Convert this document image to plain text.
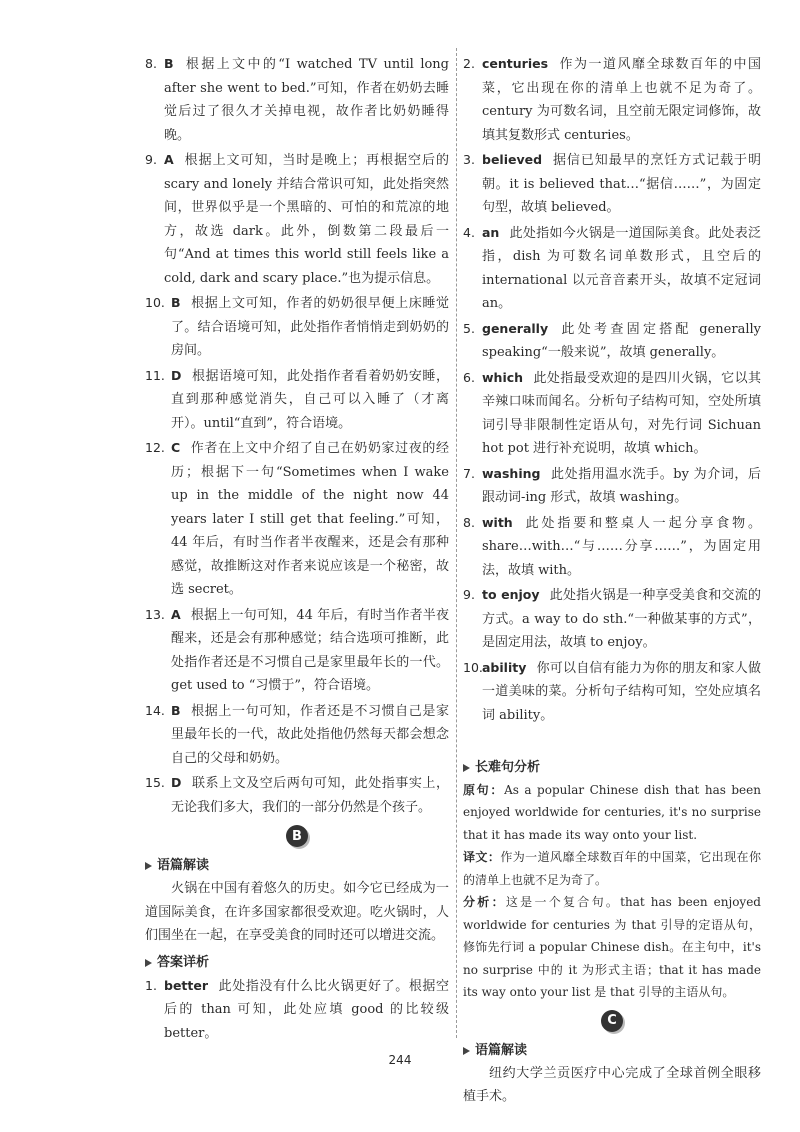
8. B 根据上文中的“I watched TV until long after she went to bed.”可知，作者在奶奶去睡觉后过了很久才关掉电视，故作者比奶奶睡得晚。
9. A 根据上文可知，当时是晚上；再根据空后的 scary and lonely 并结合常识可知，此处指突然间，世界似乎是一个黑暗的、可怕的和荒凉的地方，故选 dark。此外，倒数第二段最后一句“And at times this world still feels like a cold, dark and scary place.”也为提示信息。
10. B 根据上文可知，作者的奶奶很早便上床睡觉了。结合语境可知，此处指作者悄悄走到奶奶的房间。
11. D 根据语境可知，此处指作者看着奶奶安睡，直到那种感觉消失，自己可以入睡了（才离开）。until“直到”，符合语境。
12. C 作者在上文中介绍了自己在奶奶家过夜的经历；根据下一句“Sometimes when I wake up in the middle of the night now 44 years later I still get that feeling.”可知，44 年后，有时当作者半夜醒来，还是会有那种感觉，故推断这对作者来说应该是一个秘密，故选 secret。
13. A 根据上一句可知，44 年后，有时当作者半夜醒来，还是会有那种感觉；结合选项可推断，此处指作者还是不习惯自己是家里最年长的一代。get used to “习惯于”，符合语境。
14. B 根据上一句可知，作者还是不习惯自己是家里最年长的一代，故此处指他仍然每天都会想念自己的父母和奶奶。
15. D 联系上文及空后两句可知，此处指事实上，无论我们多大，我们的一部分仍然是个孩子。
B
语篇解读

火锅在中国有着悠久的历史。如今它已经成为一道国际美食，在许多国家都很受欢迎。吃火锅时，人们围坐在一起，在享受美食的同时还可以增进交流。

答案详析
1. better 此处指没有什么比火锅更好了。根据空后的 than 可知，此处应填 good 的比较级 better。
2. centuries 作为一道风靡全球数百年的中国菜，它出现在你的清单上也就不足为奇了。century 为可数名词，且空前无限定词修饰，故填其复数形式 centuries。
3. believed 据信已知最早的烹饪方式记载于明朝。it is believed that…“据信……”，为固定句型，故填 believed。
4. an 此处指如今火锅是一道国际美食。此处表泛指，dish 为可数名词单数形式，且空后的 international 以元音音素开头，故填不定冠词 an。
5. generally 此处考查固定搭配 generally speaking“一般来说”，故填 generally。
6. which 此处指最受欢迎的是四川火锅，它以其辛辣口味而闻名。分析句子结构可知，空处所填词引导非限制性定语从句，对先行词 Sichuan hot pot 进行补充说明，故填 which。
7. washing 此处指用温水洗手。by 为介词，后跟动词-ing 形式，故填 washing。
8. with 此处指要和整桌人一起分享食物。share…with…“与……分享……”，为固定用法，故填 with。
9. to enjoy 此处指火锅是一种享受美食和交流的方式。a way to do sth.“一种做某事的方式”，是固定用法，故填 to enjoy。
10. ability 你可以自信有能力为你的朋友和家人做一道美味的菜。分析句子结构可知，空处应填名词 ability。
长难句分析

原句：As a popular Chinese dish that has been enjoyed worldwide for centuries, it's no surprise that it has made its way onto your list.

译文：作为一道风靡全球数百年的中国菜，它出现在你的清单上也就不足为奇了。

分析：这是一个复合句。that has been enjoyed worldwide for centuries 为 that 引导的定语从句，修饰先行词 a popular Chinese dish。在主句中，it's no surprise 中的 it 为形式主语；that it has made its way onto your list 是 that 引导的主语从句。

C
语篇解读

纽约大学兰贡医疗中心完成了全球首例全眼移植手术。

244
